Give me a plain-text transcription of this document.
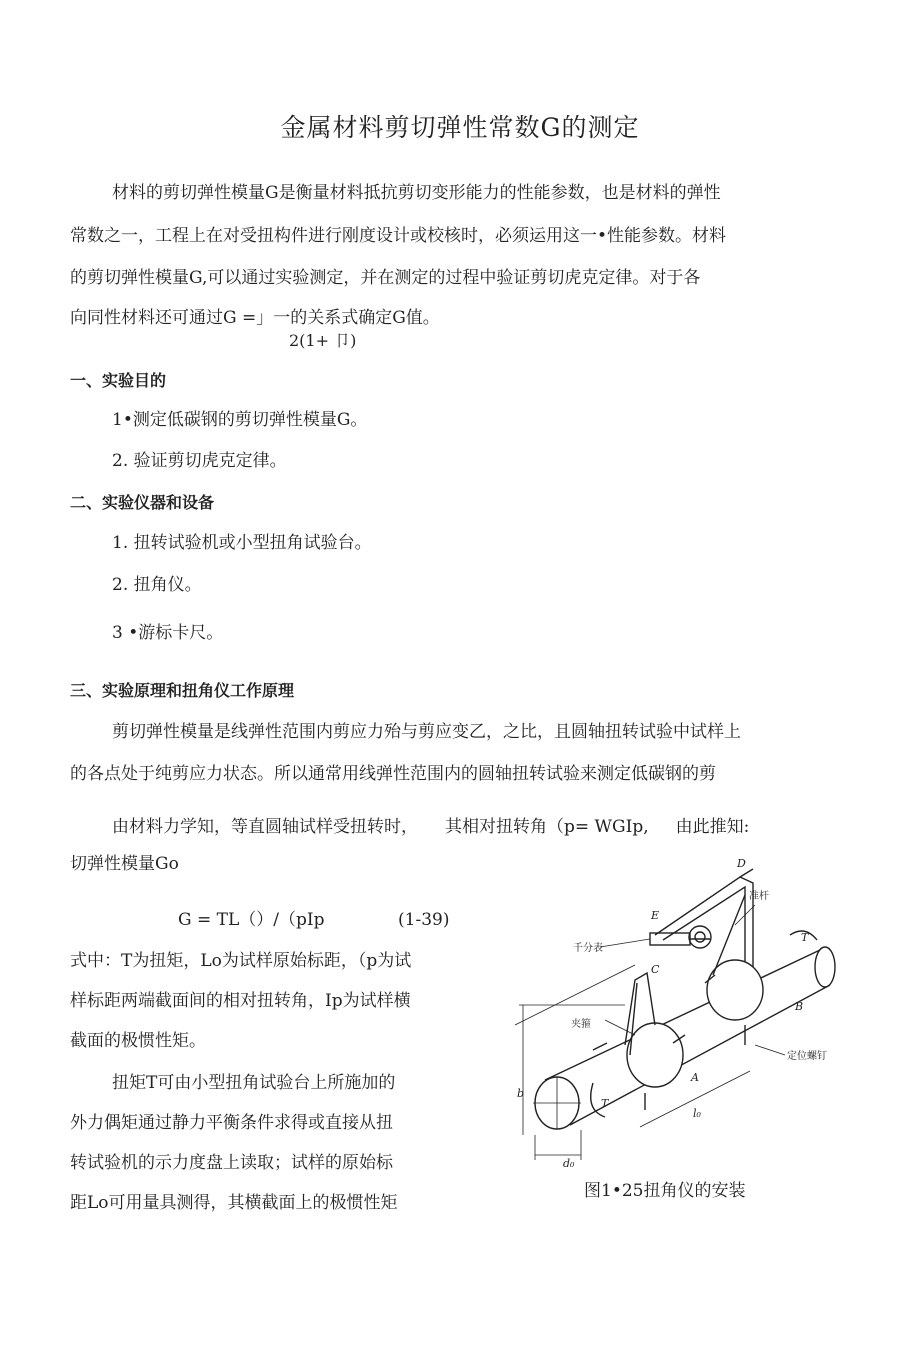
金属材料剪切弹性常数G的测定
材料的剪切弹性模量G是衡量材料抵抗剪切变形能力的性能参数，也是材料的弹性
常数之一，工程上在对受扭构件进行刚度设计或校核时，必须运用这一•性能参数。材料
的剪切弹性模量G,可以通过实验测定，并在测定的过程中验证剪切虎克定律。对于各
向同性材料还可通过G =」一的关系式确定G值。
2(1+ 卩)
一、实验目的
1•测定低碳钢的剪切弹性模量G。
2. 验证剪切虎克定律。
二、实验仪器和设备
1. 扭转试验机或小型扭角试验台。
2. 扭角仪。
3 •游标卡尺。
三、实验原理和扭角仪工作原理
剪切弹性模量是线弹性范围内剪应力殆与剪应变乙，之比，且圆轴扭转试验中试样上
的各点处于纯剪应力状态。所以通常用线弹性范围内的圆轴扭转试验来测定低碳钢的剪
由材料力学知，等直圆轴试样受扭转时，     其相对扭转角（p= WGIp,     由此推知:
切弹性模量Go
G = TL（）/（pIp	(1-39)
式中：T为扭矩，Lo为试样原始标距，（p为试
样标距两端截面间的相对扭转角，Ip为试样横
截面的极惯性矩。
扭矩T可由小型扭角试验台上所施加的
外力偶矩通过静力平衡条件求得或直接从扭
转试验机的示力度盘上读取；试样的原始标
距Lo可用量具测得，其横截面上的极惯性矩
D
E
C
B
A
T
T
b
l₀
d₀
千分表
准杆
夹箍
定位螺钉
图1•25扭角仪的安装
